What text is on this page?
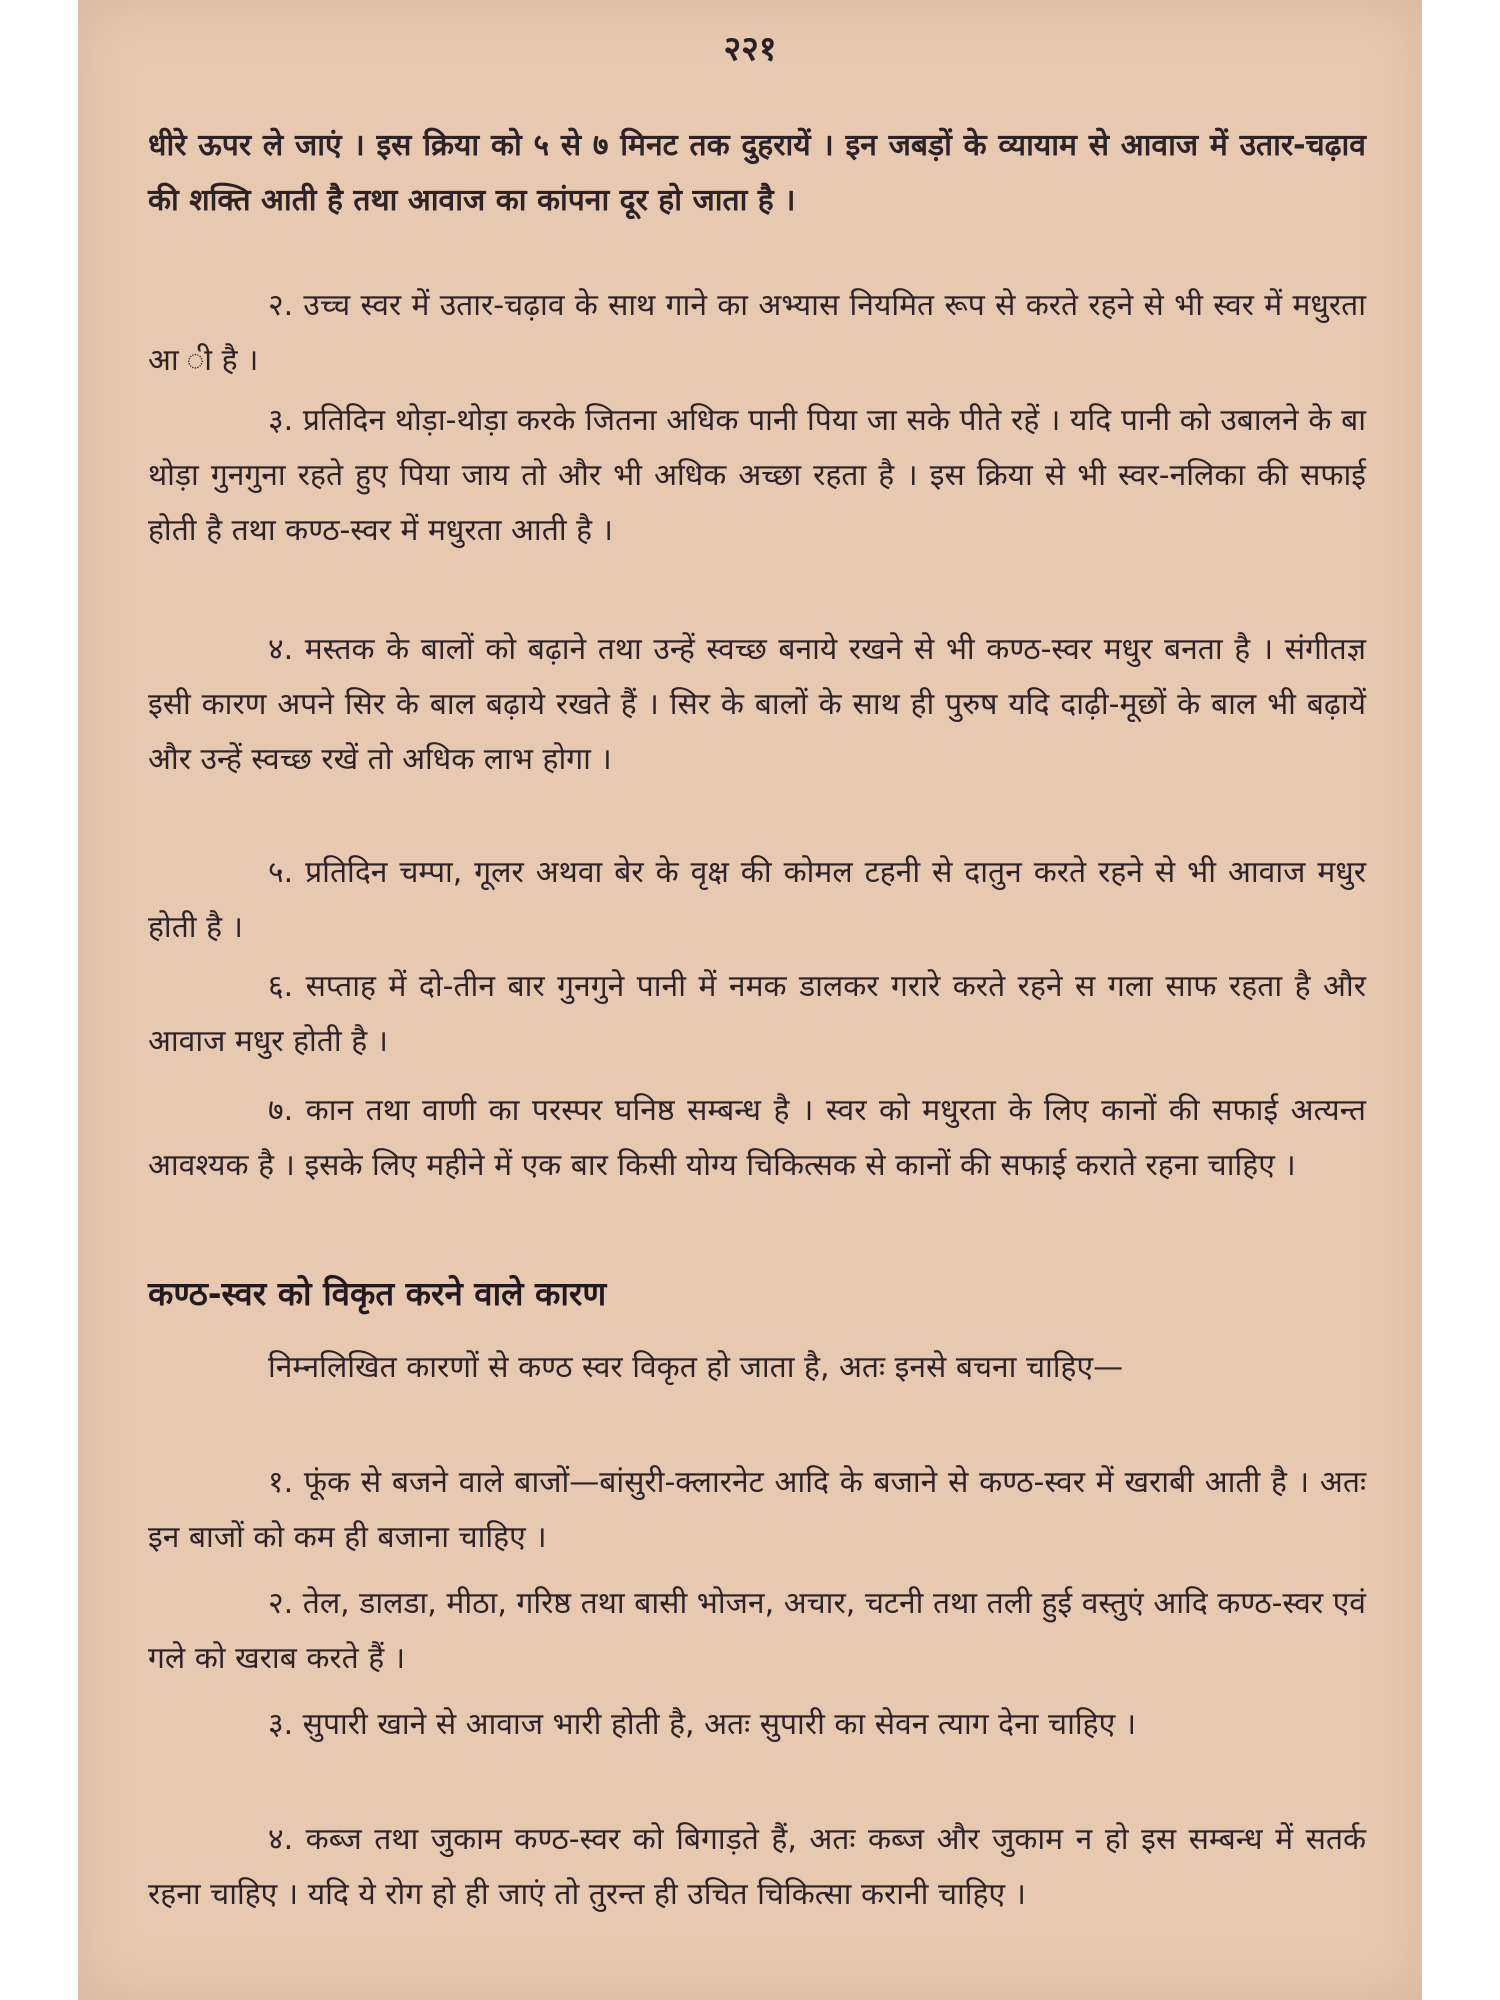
२२१

धीरे ऊपर ले जाएं । इस क्रिया को ५ से ७ मिनट तक दुहरायें । इन जबड़ों के व्यायाम से आवाज में उतार-चढ़ाव की शक्ति आती है तथा आवाज का कांपना दूर हो जाता है ।

२. उच्च स्वर में उतार-चढ़ाव के साथ गाने का अभ्यास नियमित रूप से करते रहने से भी स्वर में मधुरता आ ी है ।

३. प्रतिदिन थोड़ा-थोड़ा करके जितना अधिक पानी पिया जा सके पीते रहें । यदि पानी को उबालने के बा थोड़ा गुनगुना रहते हुए पिया जाय तो और भी अधिक अच्छा रहता है । इस क्रिया से भी स्वर-नलिका की सफाई होती है तथा कण्ठ-स्वर में मधुरता आती है ।

४. मस्तक के बालों को बढ़ाने तथा उन्हें स्वच्छ बनाये रखने से भी कण्ठ-स्वर मधुर बनता है । संगीतज्ञ इसी कारण अपने सिर के बाल बढ़ाये रखते हैं । सिर के बालों के साथ ही पुरुष यदि दाढ़ी-मूछों के बाल भी बढ़ायें और उन्हें स्वच्छ रखें तो अधिक लाभ होगा ।

५. प्रतिदिन चम्पा, गूलर अथवा बेर के वृक्ष की कोमल टहनी से दातुन करते रहने से भी आवाज मधुर होती है ।

६. सप्ताह में दो-तीन बार गुनगुने पानी में नमक डालकर गरारे करते रहने स गला साफ रहता है और आवाज मधुर होती है ।

७. कान तथा वाणी का परस्पर घनिष्ठ सम्बन्ध है । स्वर को मधुरता के लिए कानों की सफाई अत्यन्त आवश्यक है । इसके लिए महीने में एक बार किसी योग्य चिकित्सक से कानों की सफाई कराते रहना चाहिए ।

कण्ठ-स्वर को विकृत करने वाले कारण

निम्नलिखित कारणों से कण्ठ स्वर विकृत हो जाता है, अतः इनसे बचना चाहिए—

१. फूंक से बजने वाले बाजों—बांसुरी-क्लारनेट आदि के बजाने से कण्ठ-स्वर में खराबी आती है । अतः इन बाजों को कम ही बजाना चाहिए ।

२. तेल, डालडा, मीठा, गरिष्ठ तथा बासी भोजन, अचार, चटनी तथा तली हुई वस्तुएं आदि कण्ठ-स्वर एवं गले को खराब करते हैं ।

३. सुपारी खाने से आवाज भारी होती है, अतः सुपारी का सेवन त्याग देना चाहिए ।

४. कब्ज तथा जुकाम कण्ठ-स्वर को बिगाड़ते हैं, अतः कब्ज और जुकाम न हो इस सम्बन्ध में सतर्क रहना चाहिए । यदि ये रोग हो ही जाएं तो तुरन्त ही उचित चिकित्सा करानी चाहिए ।
